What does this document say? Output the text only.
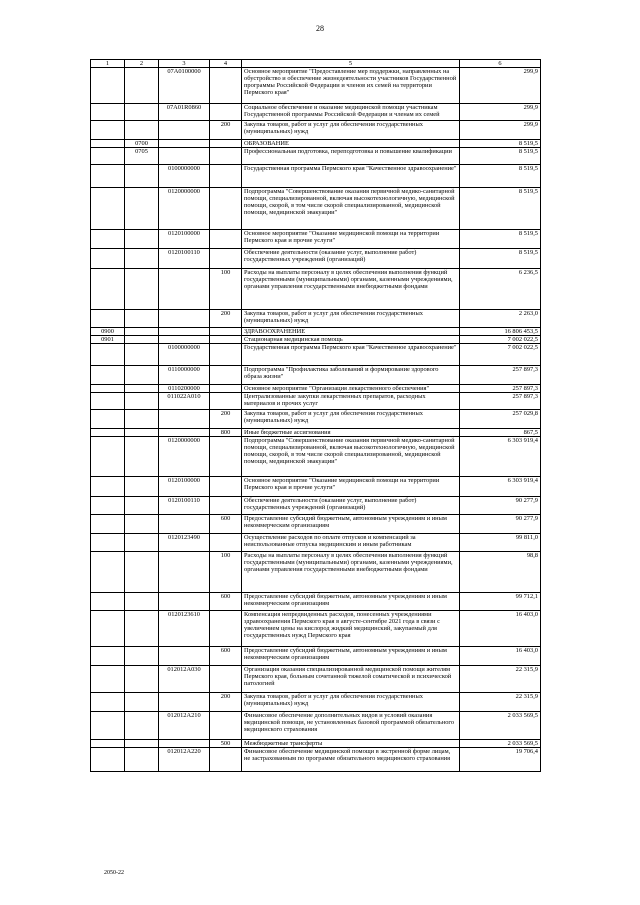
28
1	2	3	4	5	6
		07А0100000		Основное мероприятие "Предоставление мер поддержки, направленных на обустройство и обеспечение жизнедеятельности участников Государственной программы Российской Федерации и членов их семей на территории Пермского края"	299,9
		07А01R0860		Социальное обеспечение и оказание медицинской помощи участникам Государственной программы Российской Федерации и членам их семей	299,9
			200	Закупка товаров, работ и услуг для обеспечения государственных (муниципальных) нужд	299,9
	0700			ОБРАЗОВАНИЕ	8 519,5
	0705			Профессиональная подготовка, переподготовка и повышение квалификации	8 519,5
		0100000000		Государственная программа Пермского края "Качественное здравоохранение"	8 519,5
		0120000000		Подпрограмма "Совершенствование оказания первичной медико-санитарной помощи, специализированной, включая высокотехнологичную, медицинской помощи, скорой, в том числе скорой специализированной, медицинской помощи, медицинской эвакуации"	8 519,5
		0120100000		Основное мероприятие "Оказание медицинской помощи на территории Пермского края и прочие услуги"	8 519,5
		0120100110		Обеспечение деятельности (оказание услуг, выполнение работ) государственных учреждений (организаций)	8 519,5
			100	Расходы на выплаты персоналу в целях обеспечения выполнения функций государственными (муниципальными) органами, казенными учреждениями, органами управления государственными внебюджетными фондами	6 236,5
			200	Закупка товаров, работ и услуг для обеспечения государственных (муниципальных) нужд	2 263,0
0900				ЗДРАВООХРАНЕНИЕ	16 806 453,5
0901				Стационарная медицинская помощь	7 002 022,5
		0100000000		Государственная программа Пермского края "Качественное здравоохранение"	7 002 022,5
		0110000000		Подпрограмма "Профилактика заболеваний и формирование здорового образа жизни"	257 897,3
		0110200000		Основное мероприятие "Организация лекарственного обеспечения"	257 897,3
		011022А010		Централизованные закупки лекарственных препаратов, расходных материалов и прочих услуг	257 897,3
			200	Закупка товаров, работ и услуг для обеспечения государственных (муниципальных) нужд	257 029,8
			800	Иные бюджетные ассигнования	867,5
		0120000000		Подпрограмма "Совершенствование оказания первичной медико-санитарной помощи, специализированной, включая высокотехнологичную, медицинской помощи, скорой, в том числе скорой специализированной, медицинской помощи, медицинской эвакуации"	6 303 919,4
		0120100000		Основное мероприятие "Оказание медицинской помощи на территории Пермского края и прочие услуги"	6 303 919,4
		0120100110		Обеспечение деятельности (оказание услуг, выполнение работ) государственных учреждений (организаций)	90 277,9
			600	Предоставление субсидий бюджетным, автономным учреждениям и иным некоммерческим организациям	90 277,9
		0120123490		Осуществление расходов по оплате отпусков и компенсаций за неиспользованные отпуска медицинским и иным работникам	99 811,0
			100	Расходы на выплаты персоналу в целях обеспечения выполнения функций государственными (муниципальными) органами, казенными учреждениями, органами управления государственными внебюджетными фондами	98,8
			600	Предоставление субсидий бюджетным, автономным учреждениям и иным некоммерческим организациям	99 712,1
		0120123610		Компенсация непредвиденных расходов, понесенных учреждениями здравоохранения Пермского края в августе-сентябре 2021 года в связи с увеличением цены на кислород жидкий медицинский, закупаемый для государственных нужд Пермского края	16 403,0
			600	Предоставление субсидий бюджетным, автономным учреждениям и иным некоммерческим организациям	16 403,0
		012012А030		Организация оказания специализированной медицинской помощи жителям Пермского края, больным сочетанной тяжелой соматической и психической патологией	22 315,9
			200	Закупка товаров, работ и услуг для обеспечения государственных (муниципальных) нужд	22 315,9
		012012А210		Финансовое обеспечение дополнительных видов и условий оказания медицинской помощи, не установленных базовой программой обязательного медицинского страхования	2 033 569,5
			500	Межбюджетные трансферты	2 033 569,5
		012012А220		Финансовое обеспечение медицинской помощи в экстренной форме лицам, не застрахованным по программе обязательного медицинского страхования	19 706,4
2050-22
